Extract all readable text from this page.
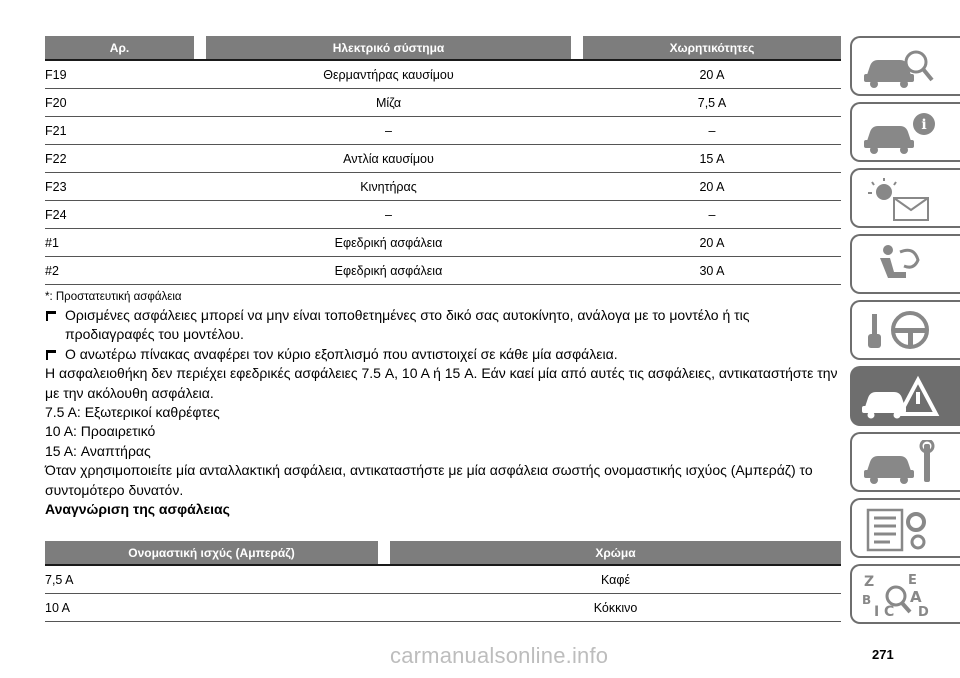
Αρ.	Ηλεκτρικό σύστημα	Χωρητικότητες
F19	Θερμαντήρας καυσίμου	20 A
F20	Μίζα	7,5 A
F21	–	–
F22	Αντλία καυσίμου	15 A
F23	Κινητήρας	20 A
F24	–	–
#1	Εφεδρική ασφάλεια	20 A
#2	Εφεδρική ασφάλεια	30 A
*: Προστατευτική ασφάλεια

Ορισμένες ασφάλειες μπορεί να μην είναι τοποθετημένες στο δικό σας αυτοκίνητο, ανάλογα με το μοντέλο ή τις προδιαγραφές του μοντέλου.

Ο ανωτέρω πίνακας αναφέρει τον κύριο εξοπλισμό που αντιστοιχεί σε κάθε μία ασφάλεια.

Η ασφαλειοθήκη δεν περιέχει εφεδρικές ασφάλειες 7.5 A, 10 A ή 15 A. Εάν καεί μία από αυτές τις ασφάλειες, αντικαταστήστε την με την ακόλουθη ασφάλεια.

7.5 A: Εξωτερικοί καθρέφτες

10 A: Προαιρετικό

15 A: Αναπτήρας

Όταν χρησιμοποιείτε μία ανταλλακτική ασφάλεια, αντικαταστήστε με μία ασφάλεια σωστής ονομαστικής ισχύος (Αμπεράζ) το συντομότερο δυνατόν.

Αναγνώριση της ασφάλειας

Ονομαστική ισχύς (Αμπεράζ)	Χρώμα
7,5 A	Καφέ
10 A	Κόκκινο
i
Z	E
B	A
I C D
271
carmanualsonline.info
